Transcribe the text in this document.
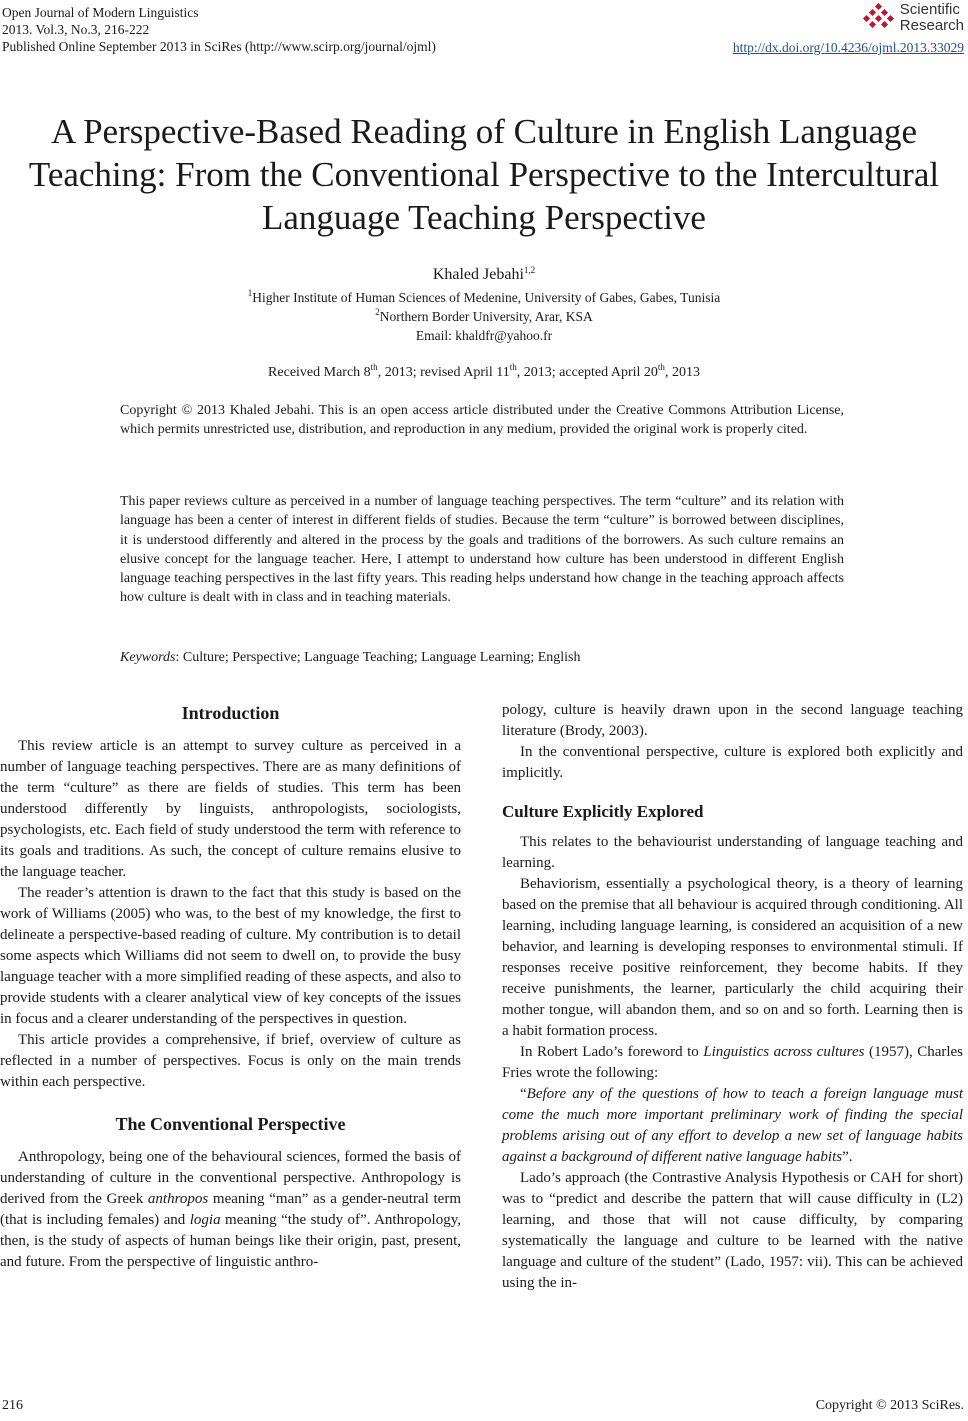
Open Journal of Modern Linguistics
2013. Vol.3, No.3, 216-222
Published Online September 2013 in SciRes (http://www.scirp.org/journal/ojml)
Scientific
Research
http://dx.doi.org/10.4236/ojml.2013.33029
A Perspective-Based Reading of Culture in English Language
Teaching: From the Conventional Perspective to the Intercultural
Language Teaching Perspective
Khaled Jebahi$^{1,2}$
$^1$Higher Institute of Human Sciences of Medenine, University of Gabes, Gabes, Tunisia
$^2$Northern Border University, Arar, KSA
Email: khaldfr@yahoo.fr
Received March 8th, 2013; revised April 11th, 2013; accepted April 20th, 2013
Copyright © 2013 Khaled Jebahi. This is an open access article distributed under the Creative Commons Attribution License, which permits unrestricted use, distribution, and reproduction in any medium, provided the original work is properly cited.
This paper reviews culture as perceived in a number of language teaching perspectives. The term “culture” and its relation with language has been a center of interest in different fields of studies. Because the term “culture” is borrowed between disciplines, it is understood differently and altered in the process by the goals and traditions of the borrowers. As such culture remains an elusive concept for the language teacher. Here, I attempt to understand how culture has been understood in different English language teaching perspectives in the last fifty years. This reading helps understand how change in the teaching approach affects how culture is dealt with in class and in teaching materials.
Keywords: Culture; Perspective; Language Teaching; Language Learning; English
Introduction

This review article is an attempt to survey culture as perceived in a number of language teaching perspectives. There are as many definitions of the term “culture” as there are fields of studies. This term has been understood differently by linguists, anthropologists, sociologists, psychologists, etc. Each field of study understood the term with reference to its goals and traditions. As such, the concept of culture remains elusive to the language teacher.

The reader’s attention is drawn to the fact that this study is based on the work of Williams (2005) who was, to the best of my knowledge, the first to delineate a perspective-based reading of culture. My contribution is to detail some aspects which Williams did not seem to dwell on, to provide the busy language teacher with a more simplified reading of these aspects, and also to provide students with a clearer analytical view of key concepts of the issues in focus and a clearer understanding of the perspectives in question.

This article provides a comprehensive, if brief, overview of culture as reflected in a number of perspectives. Focus is only on the main trends within each perspective.

The Conventional Perspective

Anthropology, being one of the behavioural sciences, formed the basis of understanding of culture in the conventional perspective. Anthropology is derived from the Greek anthropos meaning “man” as a gender-neutral term (that is including females) and logia meaning “the study of”. Anthropology, then, is the study of aspects of human beings like their origin, past, present, and future. From the perspective of linguistic anthro-

pology, culture is heavily drawn upon in the second language teaching literature (Brody, 2003).

In the conventional perspective, culture is explored both explicitly and implicitly.

Culture Explicitly Explored

This relates to the behaviourist understanding of language teaching and learning.

Behaviorism, essentially a psychological theory, is a theory of learning based on the premise that all behaviour is acquired through conditioning. All learning, including language learning, is considered an acquisition of a new behavior, and learning is developing responses to environmental stimuli. If responses receive positive reinforcement, they become habits. If they receive punishments, the learner, particularly the child acquiring their mother tongue, will abandon them, and so on and so forth. Learning then is a habit formation process.

In Robert Lado’s foreword to Linguistics across cultures (1957), Charles Fries wrote the following:

“Before any of the questions of how to teach a foreign language must come the much more important preliminary work of finding the special problems arising out of any effort to develop a new set of language habits against a background of different native language habits”.

Lado’s approach (the Contrastive Analysis Hypothesis or CAH for short) was to “predict and describe the pattern that will cause difficulty in (L2) learning, and those that will not cause difficulty, by comparing systematically the language and culture to be learned with the native language and culture of the student” (Lado, 1957: vii). This can be achieved using the in-

216	Copyright © 2013 SciRes.
